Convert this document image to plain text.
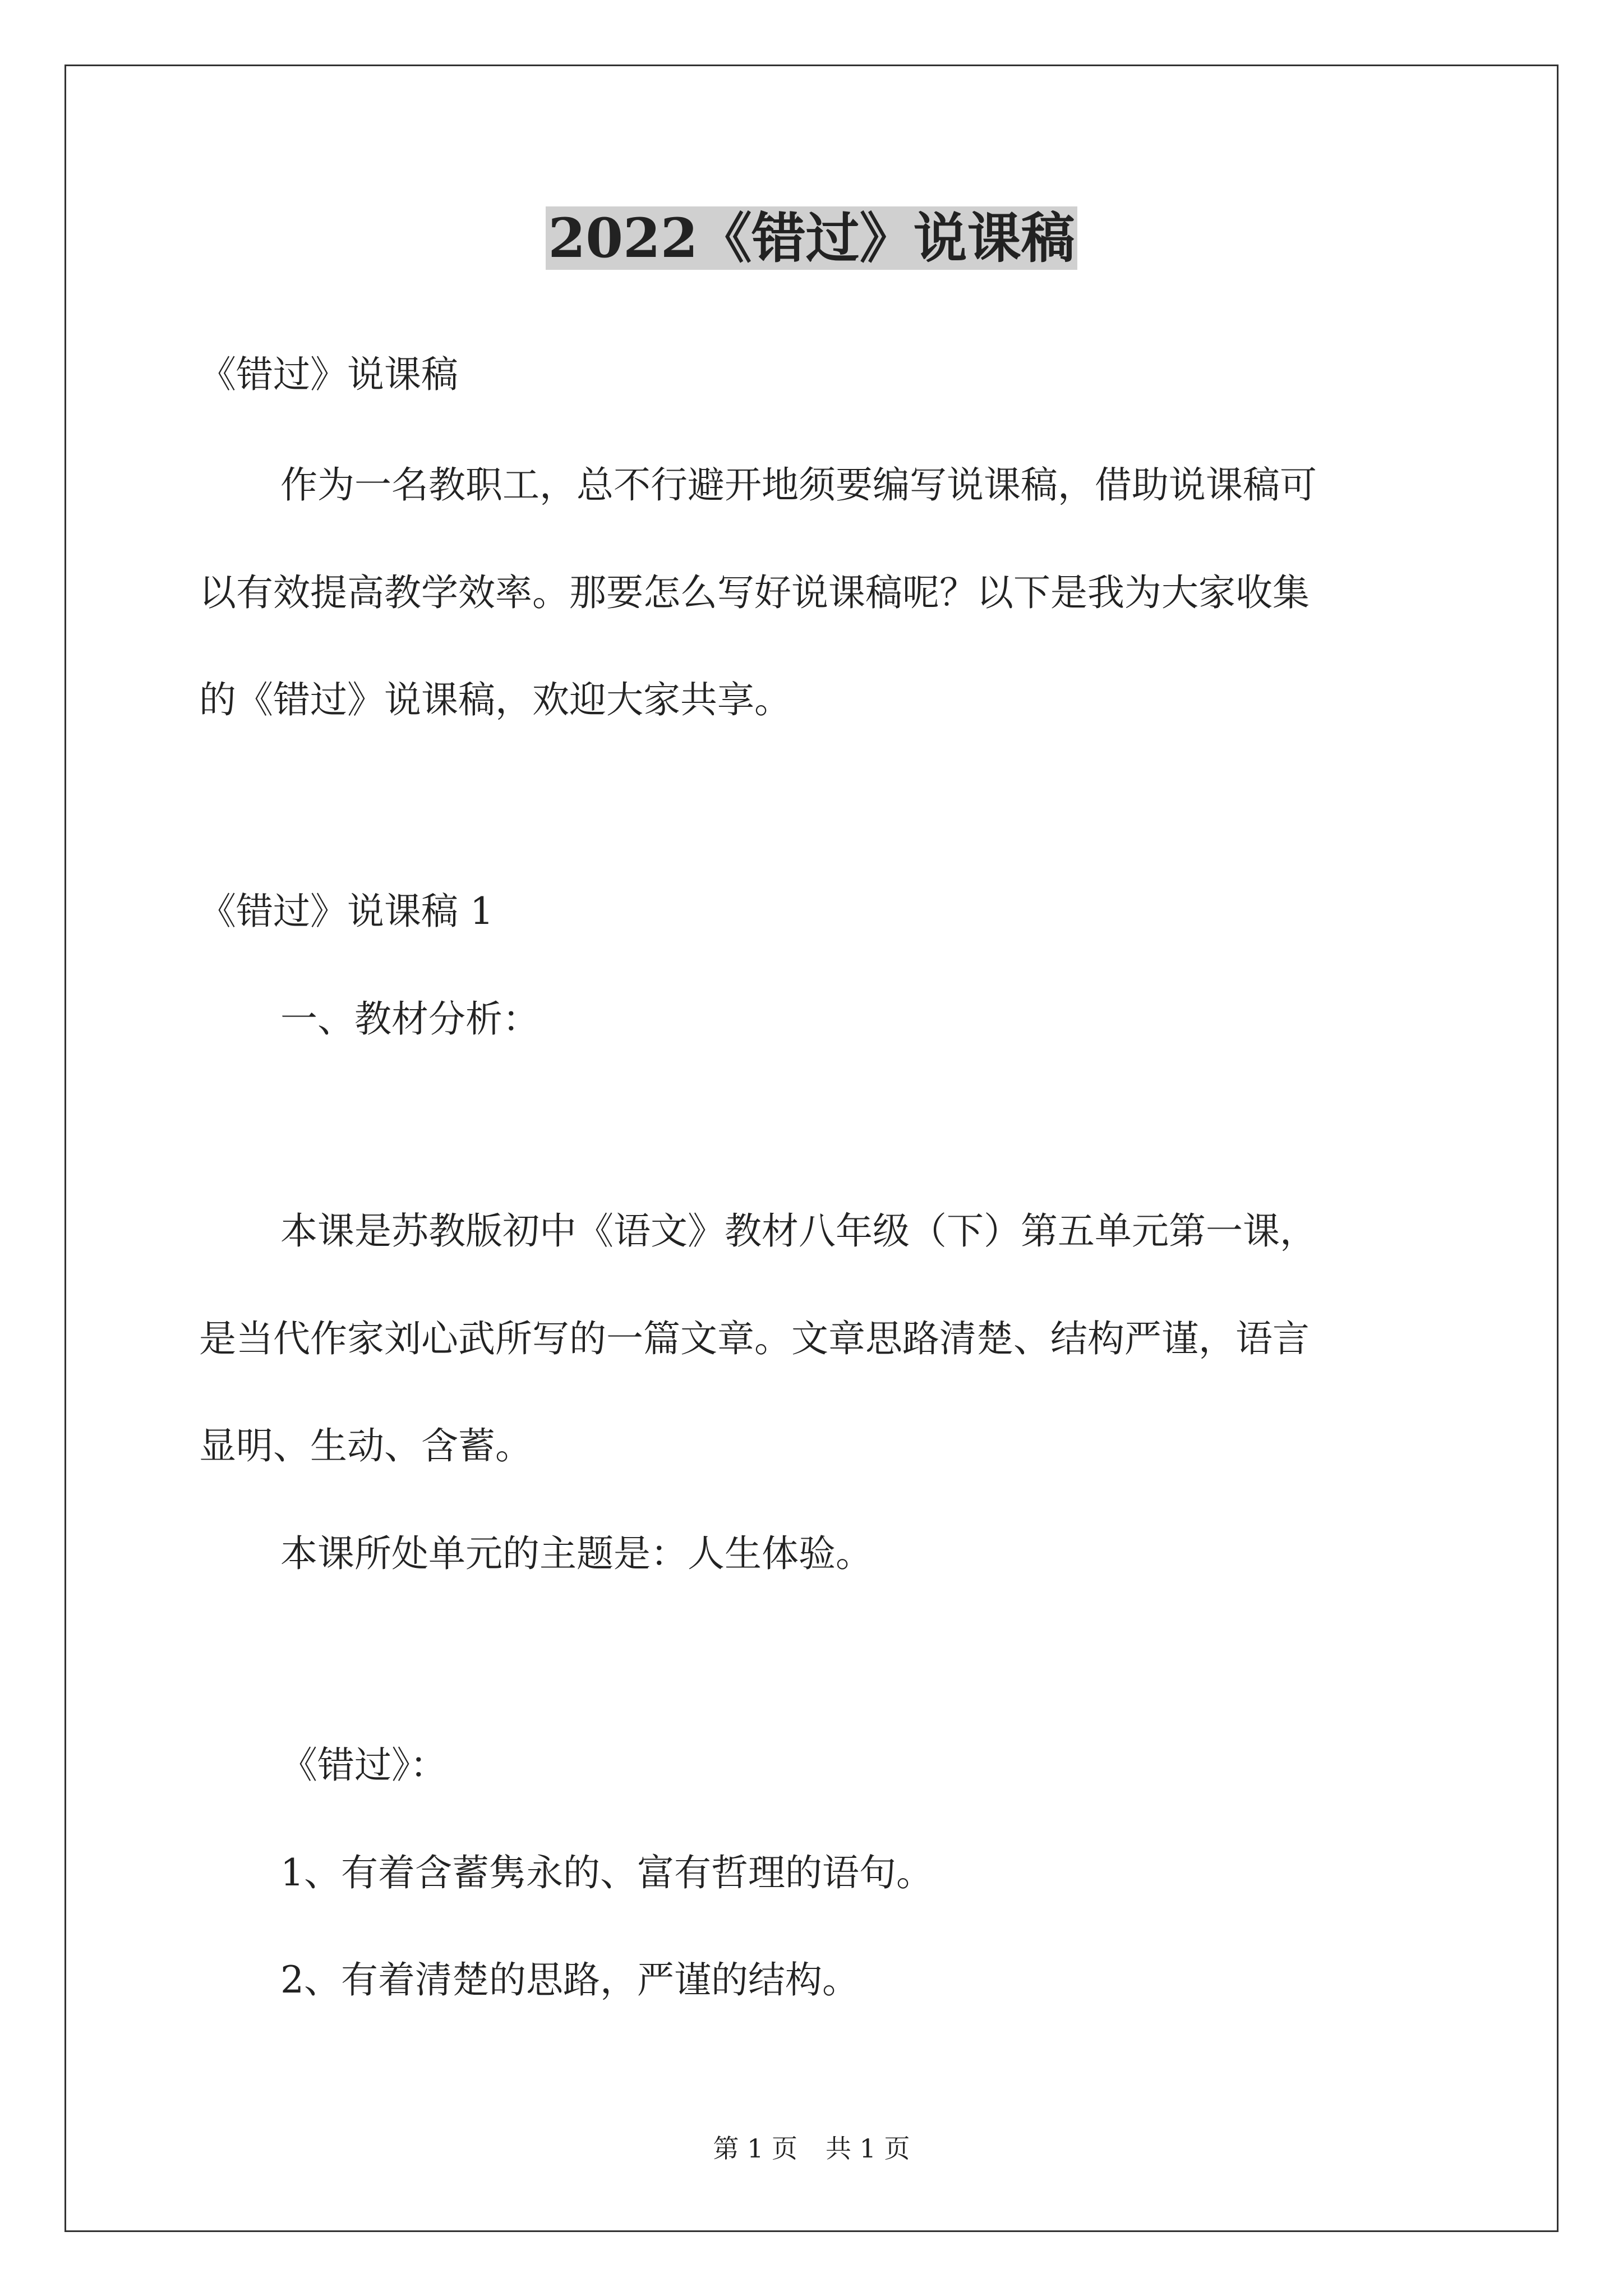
2022《错过》说课稿
《错过》说课稿
作为一名教职工，总不行避开地须要编写说课稿，借助说课稿可
以有效提高教学效率。那要怎么写好说课稿呢？以下是我为大家收集
的《错过》说课稿，欢迎大家共享。
《错过》说课稿 1
一、教材分析：
本课是苏教版初中《语文》教材八年级（下）第五单元第一课，
是当代作家刘心武所写的一篇文章。文章思路清楚、结构严谨，语言
显明、生动、含蓄。
本课所处单元的主题是：人生体验。
《错过》：
1、有着含蓄隽永的、富有哲理的语句。
2、有着清楚的思路，严谨的结构。
第 1 页 共 1 页
